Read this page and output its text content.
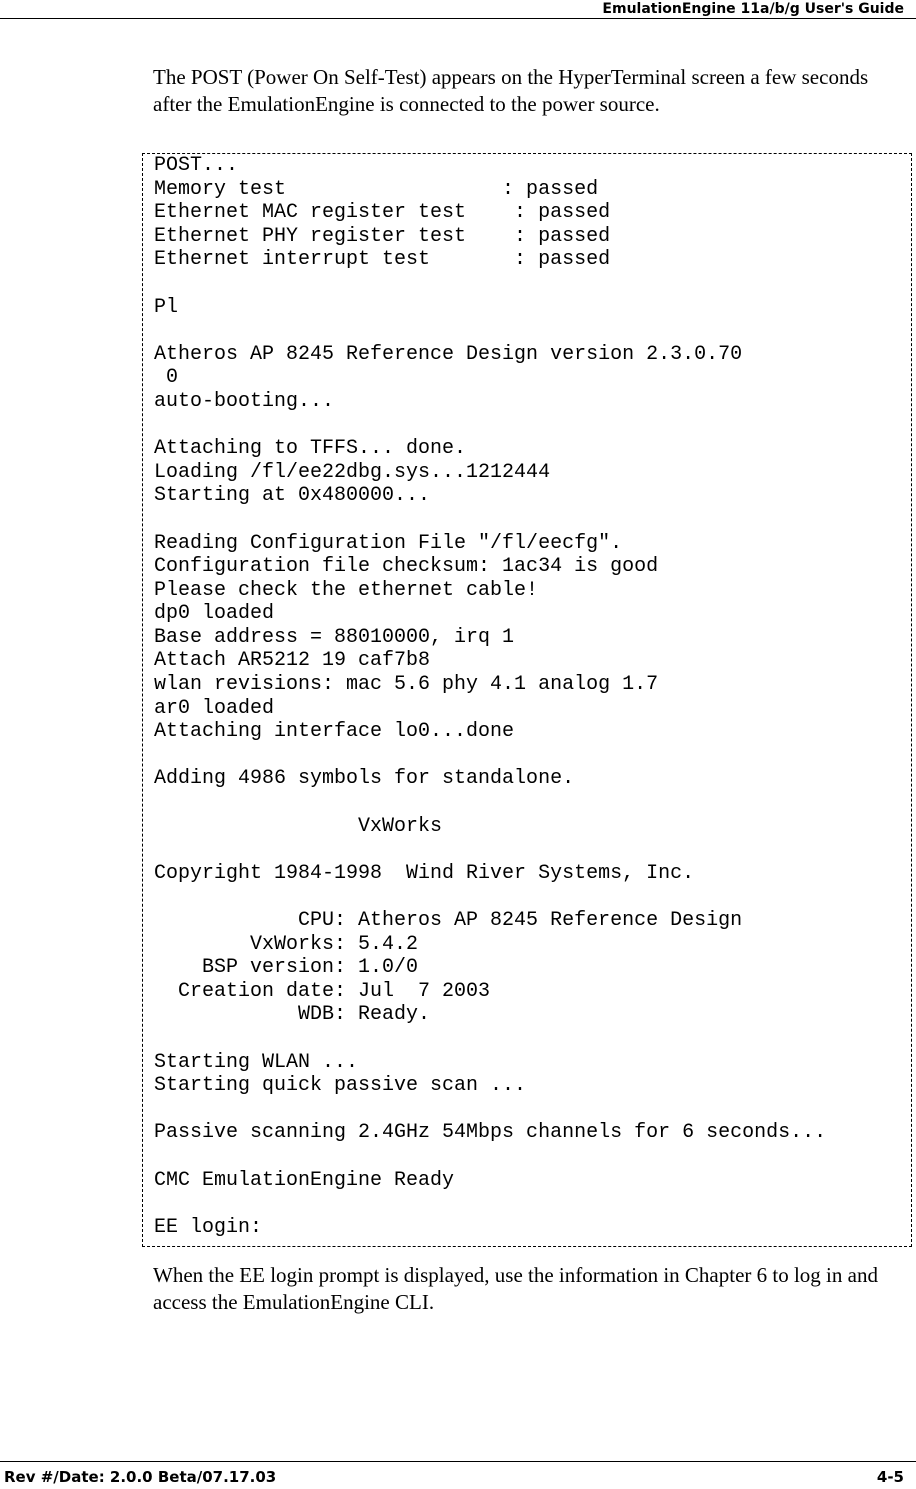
EmulationEngine 11a/b/g User's Guide

The POST (Power On Self-Test) appears on the HyperTerminal screen a few seconds after the EmulationEngine is connected to the power source.

POST...
Memory test                  : passed
Ethernet MAC register test    : passed
Ethernet PHY register test    : passed
Ethernet interrupt test       : passed

Pl

Atheros AP 8245 Reference Design version 2.3.0.70
0
auto-booting...

Attaching to TFFS... done.
Loading /fl/ee22dbg.sys...1212444
Starting at 0x480000...

Reading Configuration File "/fl/eecfg".
Configuration file checksum: 1ac34 is good
Please check the ethernet cable!
dp0 loaded
Base address = 88010000, irq 1
Attach AR5212 19 caf7b8
wlan revisions: mac 5.6 phy 4.1 analog 1.7
ar0 loaded
Attaching interface lo0...done

Adding 4986 symbols for standalone.

VxWorks

Copyright 1984-1998  Wind River Systems, Inc.

CPU: Atheros AP 8245 Reference Design
VxWorks: 5.4.2
BSP version: 1.0/0
Creation date: Jul  7 2003
WDB: Ready.

Starting WLAN ...
Starting quick passive scan ...

Passive scanning 2.4GHz 54Mbps channels for 6 seconds...

CMC EmulationEngine Ready

EE login:

When the EE login prompt is displayed, use the information in Chapter 6 to log in and access the EmulationEngine CLI.

Rev #/Date: 2.0.0 Beta/07.17.03	4-5
